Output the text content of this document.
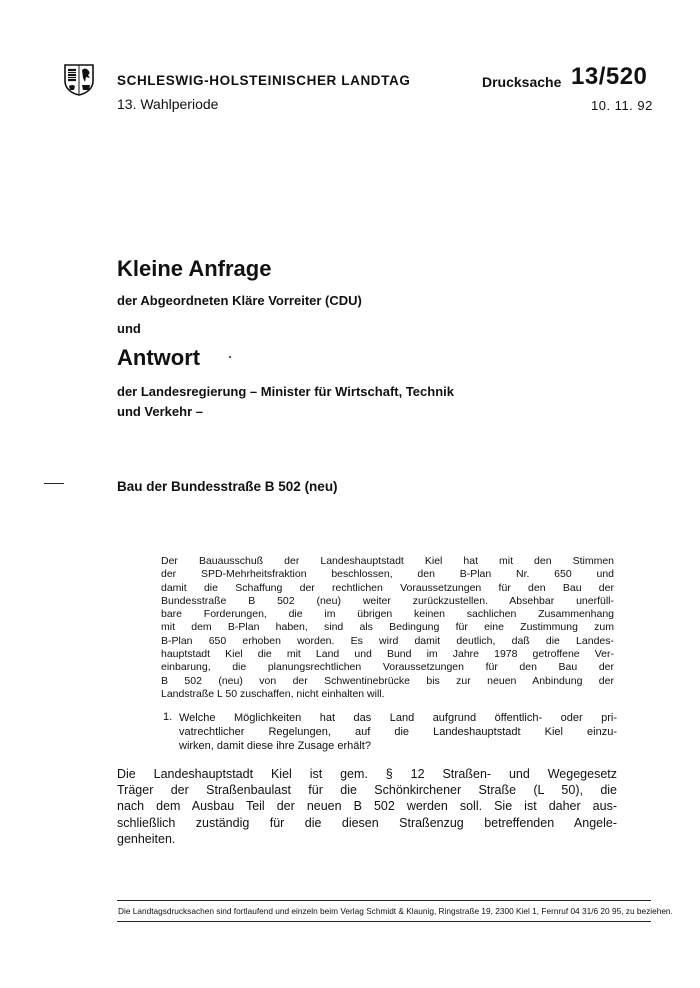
SCHLESWIG-HOLSTEINISCHER LANDTAG
13. Wahlperiode
Drucksache 13/520
10. 11. 92
Kleine Anfrage
der Abgeordneten Kläre Vorreiter (CDU)
und
Antwort
der Landesregierung – Minister für Wirtschaft, Technik
und Verkehr –
Bau der Bundesstraße B 502 (neu)
Der Bauausschuß der Landeshauptstadt Kiel hat mit den Stimmen
der SPD-Mehrheitsfraktion beschlossen, den B-Plan Nr. 650 und
damit die Schaffung der rechtlichen Voraussetzungen für den Bau der
Bundesstraße B 502 (neu) weiter zurückzustellen. Absehbar unerfüll-
bare Forderungen, die im übrigen keinen sachlichen Zusammenhang
mit dem B-Plan haben, sind als Bedingung für eine Zustimmung zum
B-Plan 650 erhoben worden. Es wird damit deutlich, daß die Landes-
hauptstadt Kiel die mit Land und Bund im Jahre 1978 getroffene Ver-
einbarung, die planungsrechtlichen Voraussetzungen für den Bau der
B 502 (neu) von der Schwentinebrücke bis zur neuen Anbindung der
Landstraße L 50 zuschaffen, nicht einhalten will.
1. Welche Möglichkeiten hat das Land aufgrund öffentlich- oder pri-
vatrechtlicher Regelungen, auf die Landeshauptstadt Kiel einzu-
wirken, damit diese ihre Zusage erhält?
Die Landeshauptstadt Kiel ist gem. § 12 Straßen- und Wegegesetz
Träger der Straßenbaulast für die Schönkirchener Straße (L 50), die
nach dem Ausbau Teil der neuen B 502 werden soll. Sie ist daher aus-
schließlich zuständig für die diesen Straßenzug betreffenden Angele-
genheiten.
Die Landtagsdrucksachen sind fortlaufend und einzeln beim Verlag Schmidt & Klaunig, Ringstraße 19, 2300 Kiel 1, Fernruf 04 31/6 20 95, zu beziehen.
